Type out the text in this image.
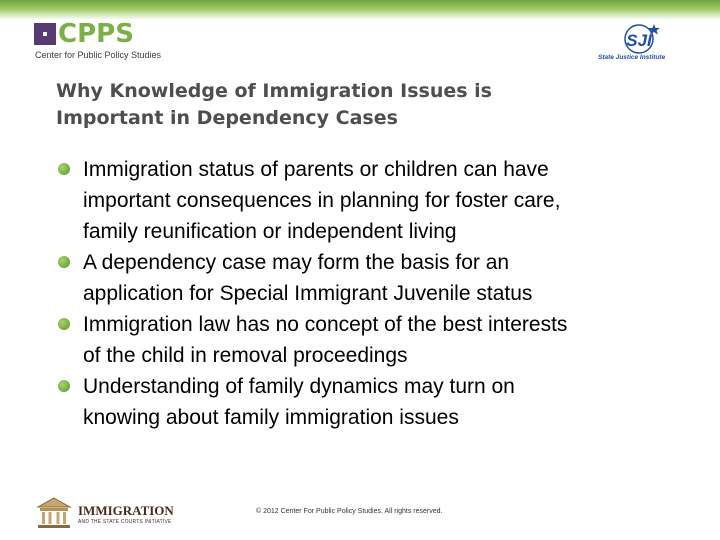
CPPS
Center for Public Policy Studies
SJI
State Justice Institute
Why Knowledge of Immigration Issues is
Important in Dependency Cases
Immigration status of parents or children can have
important consequences in planning for foster care,
family reunification or independent living
A dependency case may form the basis for an
application for Special Immigrant Juvenile status
Immigration law has no concept of the best interests
of the child in removal proceedings
Understanding of family dynamics may turn on
knowing about family immigration issues
IMMIGRATION
AND THE STATE COURTS INITIATIVE
© 2012 Center For Public Policy Studies. All rights reserved.
